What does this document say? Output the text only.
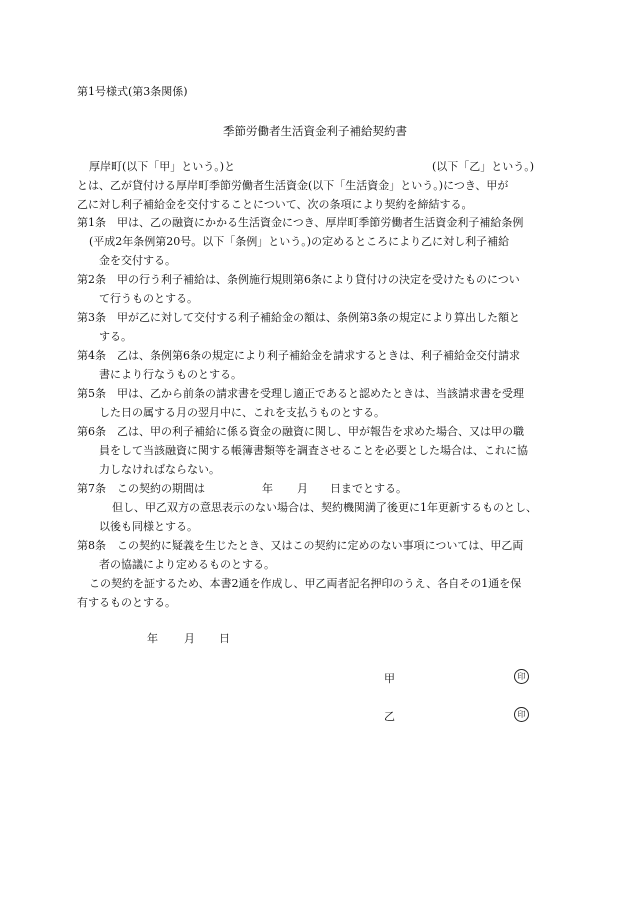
第1号様式(第3条関係)
季節労働者生活資金利子補給契約書
厚岸町(以下「甲」という。)と	(以下「乙」という。)
とは、乙が貸付ける厚岸町季節労働者生活資金(以下「生活資金」という。)につき、甲が
乙に対し利子補給金を交付することについて、次の条項により契約を締結する。
第1条 甲は、乙の融資にかかる生活資金につき、厚岸町季節労働者生活資金利子補給条例
(平成2年条例第20号。以下「条例」という。)の定めるところにより乙に対し利子補給
金を交付する。
第2条 甲の行う利子補給は、条例施行規則第6条により貸付けの決定を受けたものについ
て行うものとする。
第3条 甲が乙に対して交付する利子補給金の額は、条例第3条の規定により算出した額と
する。
第4条 乙は、条例第6条の規定により利子補給金を請求するときは、利子補給金交付請求
書により行なうものとする。
第5条 甲は、乙から前条の請求書を受理し適正であると認めたときは、当該請求書を受理
した日の属する月の翌月中に、これを支払うものとする。
第6条 乙は、甲の利子補給に係る資金の融資に関し、甲が報告を求めた場合、又は甲の職
員をして当該融資に関する帳簿書類等を調査させることを必要とした場合は、これに協
力しなければならない。
第7条 この契約の期間は	年 月 日までとする。
但し、甲乙双方の意思表示のない場合は、契約機関満了後更に1年更新するものとし、
以後も同様とする。
第8条 この契約に疑義を生じたとき、又はこの契約に定めのない事項については、甲乙両
者の協議により定めるものとする。
この契約を証するため、本書2通を作成し、甲乙両者記名押印のうえ、各自その1通を保
有するものとする。
年 月 日
甲	印
乙	印
